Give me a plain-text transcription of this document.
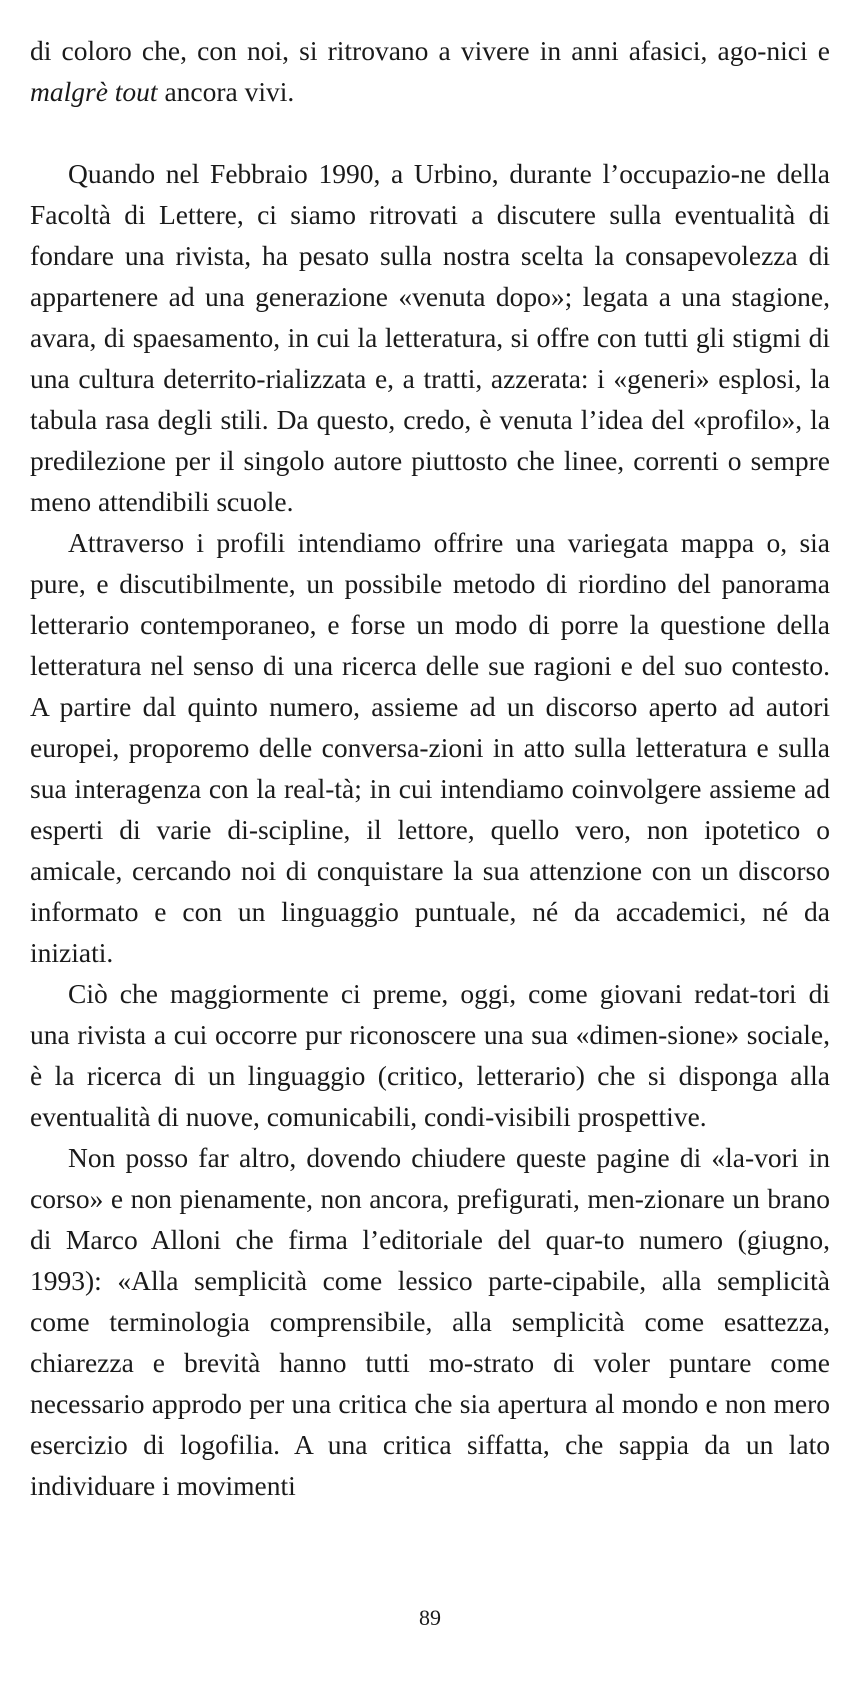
di coloro che, con noi, si ritrovano a vivere in anni afasici, ago-nici e malgrè tout ancora vivi.

Quando nel Febbraio 1990, a Urbino, durante l’occupazio-ne della Facoltà di Lettere, ci siamo ritrovati a discutere sulla eventualità di fondare una rivista, ha pesato sulla nostra scelta la consapevolezza di appartenere ad una generazione «venuta dopo»; legata a una stagione, avara, di spaesamento, in cui la letteratura, si offre con tutti gli stigmi di una cultura deterrito-rializzata e, a tratti, azzerata: i «generi» esplosi, la tabula rasa degli stili. Da questo, credo, è venuta l’idea del «profilo», la predilezione per il singolo autore piuttosto che linee, correnti o sempre meno attendibili scuole.

Attraverso i profili intendiamo offrire una variegata mappa o, sia pure, e discutibilmente, un possibile metodo di riordino del panorama letterario contemporaneo, e forse un modo di porre la questione della letteratura nel senso di una ricerca delle sue ragioni e del suo contesto. A partire dal quinto numero, assieme ad un discorso aperto ad autori europei, proporemo delle conversa-zioni in atto sulla letteratura e sulla sua interagenza con la real-tà; in cui intendiamo coinvolgere assieme ad esperti di varie di-scipline, il lettore, quello vero, non ipotetico o amicale, cercando noi di conquistare la sua attenzione con un discorso informato e con un linguaggio puntuale, né da accademici, né da iniziati.

Ciò che maggiormente ci preme, oggi, come giovani redat-tori di una rivista a cui occorre pur riconoscere una sua «dimen-sione» sociale, è la ricerca di un linguaggio (critico, letterario) che si disponga alla eventualità di nuove, comunicabili, condi-visibili prospettive.

Non posso far altro, dovendo chiudere queste pagine di «la-vori in corso» e non pienamente, non ancora, prefigurati, men-zionare un brano di Marco Alloni che firma l’editoriale del quar-to numero (giugno, 1993): «Alla semplicità come lessico parte-cipabile, alla semplicità come terminologia comprensibile, alla semplicità come esattezza, chiarezza e brevità hanno tutti mo-strato di voler puntare come necessario approdo per una critica che sia apertura al mondo e non mero esercizio di logofilia. A una critica siffatta, che sappia da un lato individuare i movimenti

89
